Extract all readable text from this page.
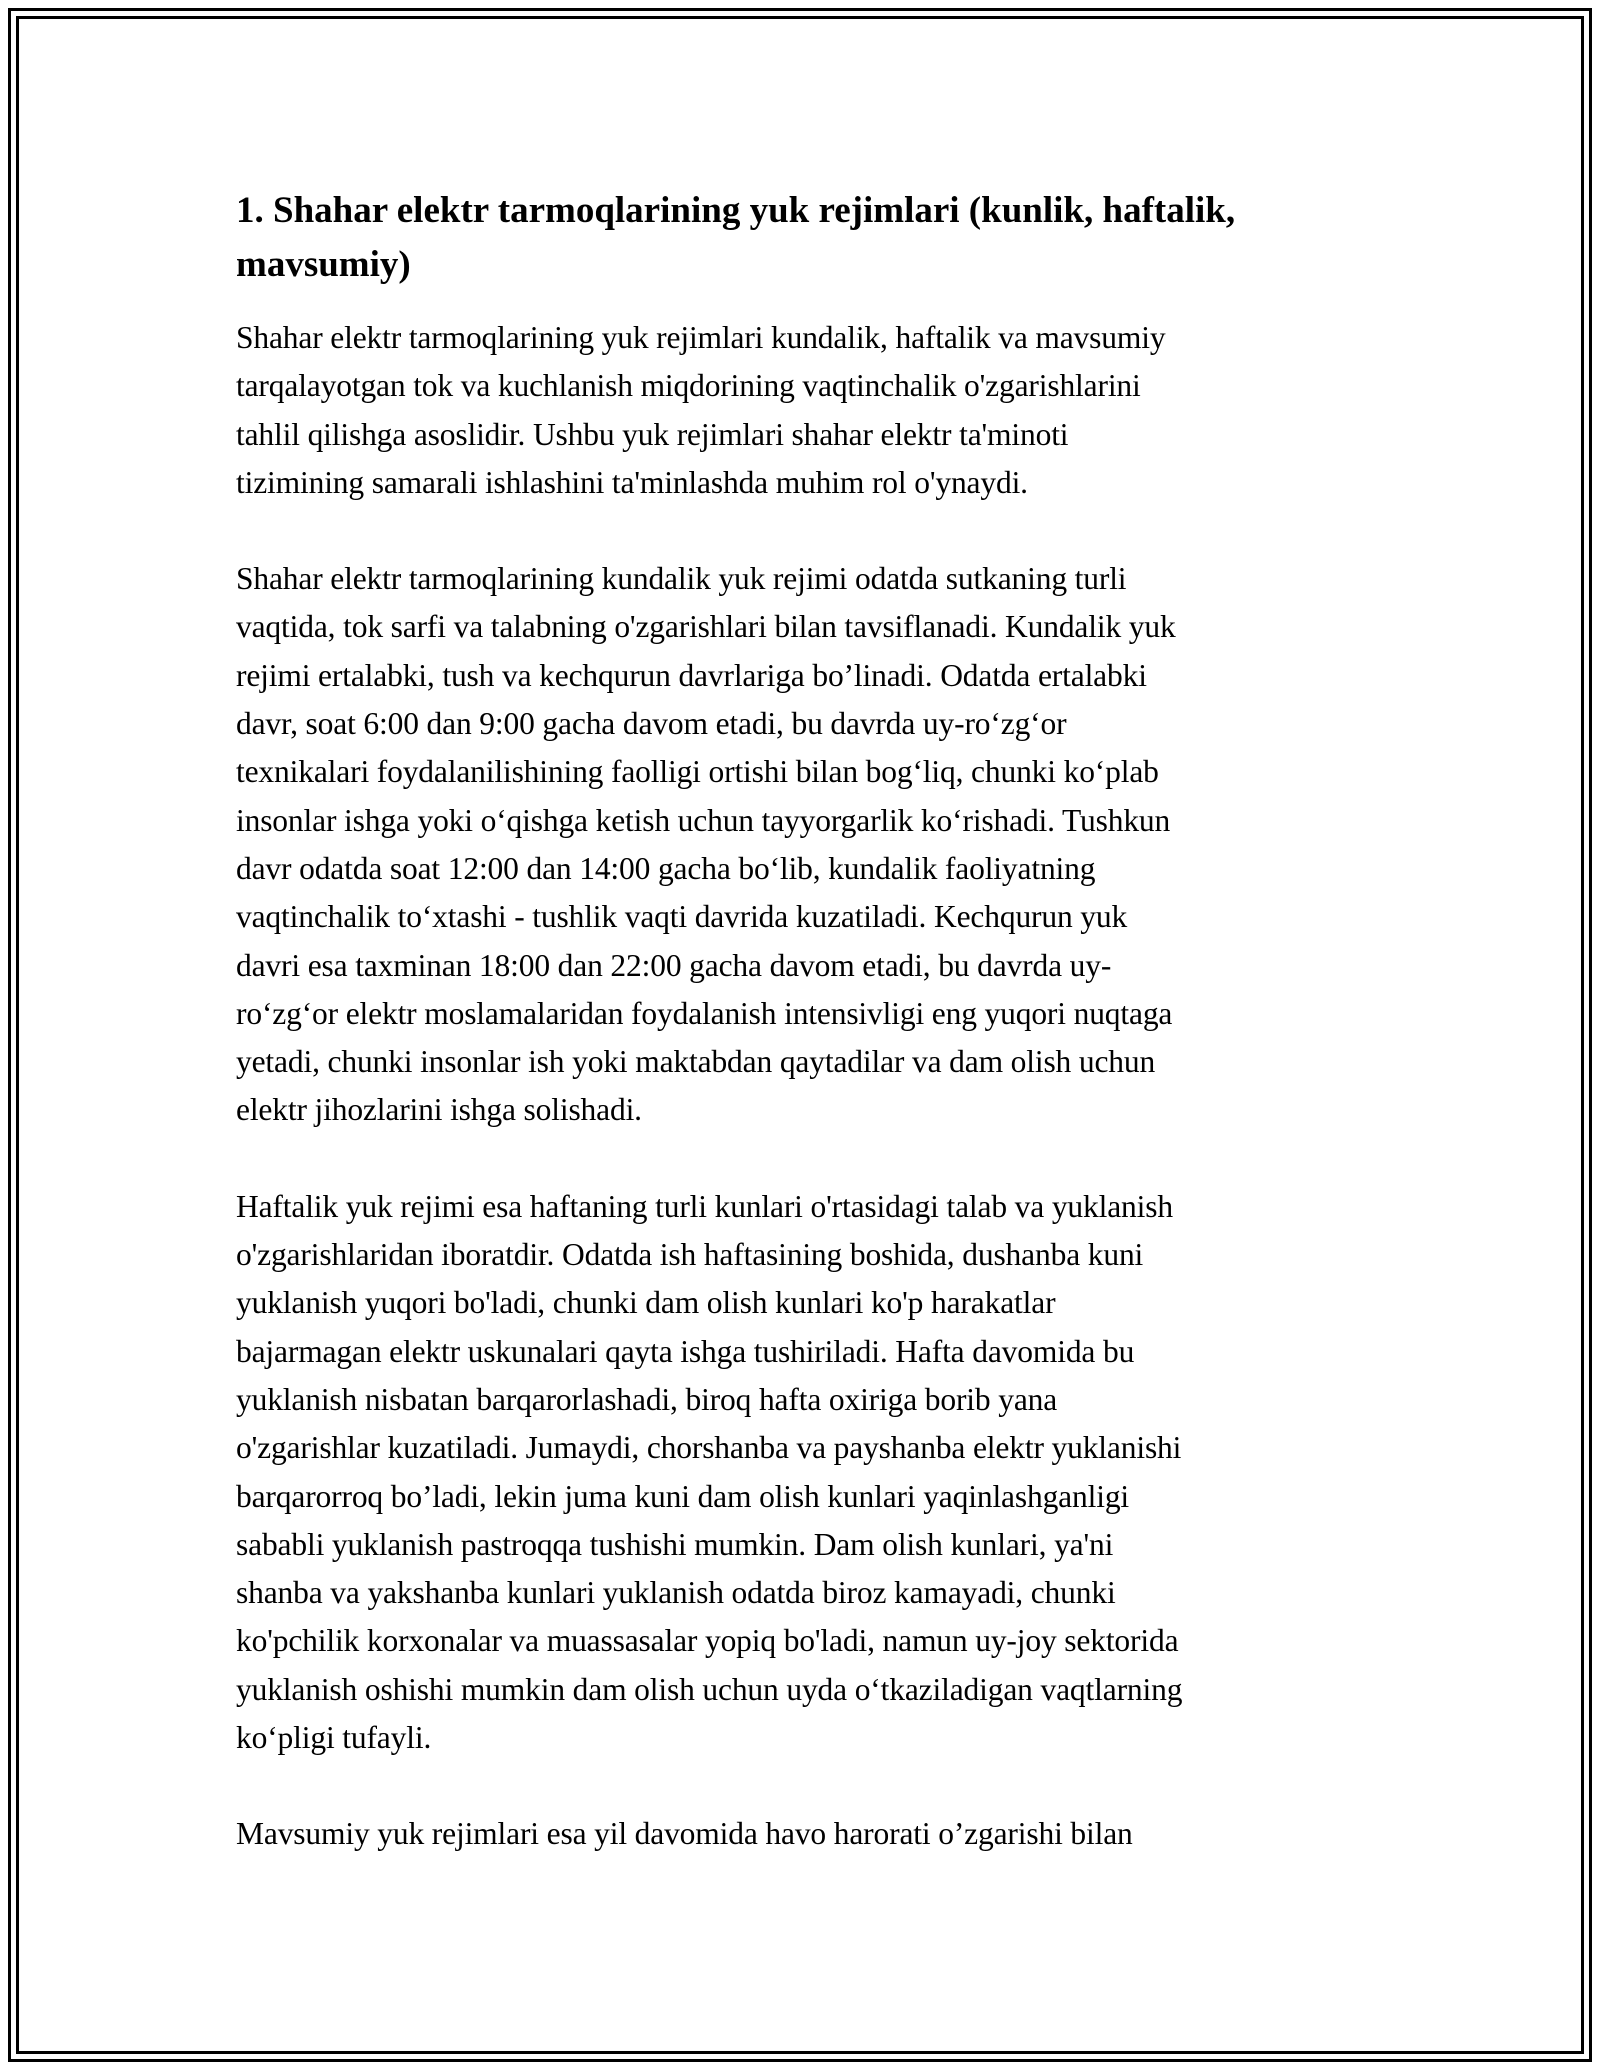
1. Shahar elektr tarmoqlarining yuk rejimlari (kunlik, haftalik, mavsumiy)

Shahar elektr tarmoqlarining yuk rejimlari kundalik, haftalik va mavsumiy
tarqalayotgan tok va kuchlanish miqdorining vaqtinchalik o'zgarishlarini
tahlil qilishga asoslidir. Ushbu yuk rejimlari shahar elektr ta'minoti
tizimining samarali ishlashini ta'minlashda muhim rol o'ynaydi.

Shahar elektr tarmoqlarining kundalik yuk rejimi odatda sutkaning turli
vaqtida, tok sarfi va talabning o'zgarishlari bilan tavsiflanadi. Kundalik yuk
rejimi ertalabki, tush va kechqurun davrlariga bo’linadi. Odatda ertalabki
davr, soat 6:00 dan 9:00 gacha davom etadi, bu davrda uy-ro‘zg‘or
texnikalari foydalanilishining faolligi ortishi bilan bog‘liq, chunki ko‘plab
insonlar ishga yoki o‘qishga ketish uchun tayyorgarlik ko‘rishadi. Tushkun
davr odatda soat 12:00 dan 14:00 gacha bo‘lib, kundalik faoliyatning
vaqtinchalik to‘xtashi - tushlik vaqti davrida kuzatiladi. Kechqurun yuk
davri esa taxminan 18:00 dan 22:00 gacha davom etadi, bu davrda uy-
ro‘zg‘or elektr moslamalaridan foydalanish intensivligi eng yuqori nuqtaga
yetadi, chunki insonlar ish yoki maktabdan qaytadilar va dam olish uchun
elektr jihozlarini ishga solishadi.

Haftalik yuk rejimi esa haftaning turli kunlari o'rtasidagi talab va yuklanish
o'zgarishlaridan iboratdir. Odatda ish haftasining boshida, dushanba kuni
yuklanish yuqori bo'ladi, chunki dam olish kunlari ko'p harakatlar
bajarmagan elektr uskunalari qayta ishga tushiriladi. Hafta davomida bu
yuklanish nisbatan barqarorlashadi, biroq hafta oxiriga borib yana
o'zgarishlar kuzatiladi. Jumaydi, chorshanba va payshanba elektr yuklanishi
barqarorroq bo’ladi, lekin juma kuni dam olish kunlari yaqinlashganligi
sababli yuklanish pastroqqa tushishi mumkin. Dam olish kunlari, ya'ni
shanba va yakshanba kunlari yuklanish odatda biroz kamayadi, chunki
ko'pchilik korxonalar va muassasalar yopiq bo'ladi, namun uy-joy sektorida
yuklanish oshishi mumkin dam olish uchun uyda o‘tkaziladigan vaqtlarning
ko‘pligi tufayli.

Mavsumiy yuk rejimlari esa yil davomida havo harorati o’zgarishi bilan
